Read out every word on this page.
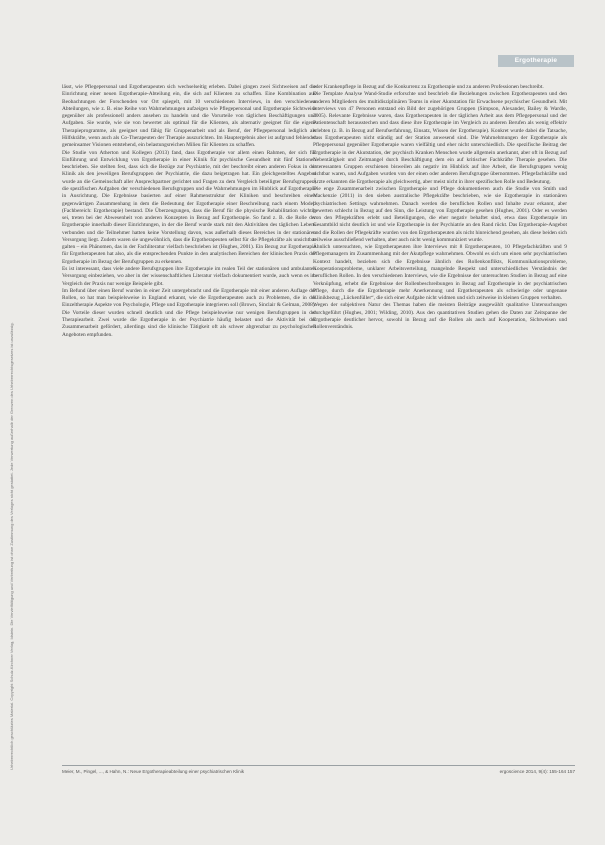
Ergotherapie
Urheberrechtlich geschütztes Material. Copyright Schulz-Kirchner Verlag, Idstein. Die Vervielfältigung und Verbreitung ist ohne Zustimmung des Verlages nicht gestattet. Jede Verwertung außerhalb der Grenzen des Urheberrechtsgesetzes ist unzulässig.

lässt, wie Pflegepersonal und Ergotherapeuten sich wechselseitig erleben. Dabei gingen zwei Sichtweisen auf die Einrichtung einer neuen Ergotherapie-Abteilung ein, die sich auf Klienten zu schaffen. Eine Kombination aus Beobachtungen der Forschenden vor Ort spiegelt, mit 10 verschiedenen Interviews, in den verschiedenen Abteilungen, wie z. B. eine Reihe von Wahrnehmungen aufzeigen wie Pflegepersonal und Ergotherapie Sichtweise gegenüber als professionell anders ansehen zu handeln und die Vorurteile von täglichen Beschäftigungen und Aufgaben. Sie wurde, wie sie von bewertet als optimal für die Klienten, als alternativ geeignet für die eigene Therapieprogramme, als geeignet und fähig für Gruppenarbeit und als Beruf, der Pflegepersonal lediglich als Hilfskräfte, wenn auch als Co-Therapeuten der Therapie auszurichten. Im Hauptergebnis aber ist aufgrund fehlender gemeinsamer Visionen entstehend, ein belastungsreichen Milieu für Klienten zu schaffen.

Die Studie von Atherton und Kollegen (2013) fand, dass Ergotherapie vor allem einen Rahmen, der sich für Einführung und Entwicklung von Ergotherapie in einer Klinik für psychische Gesundheit mit fünf Stationen beschrieben. Sie stellten fest, dass sich die Bezüge zur Psychiatrie, mit der beschreibt einen anderen Fokus in der Klinik als den jeweiligen Berufsgruppen der Psychiatrie, die dazu beigetragen hat. Ein gleichgestelltes Angebot wurde an die Gemeinschaft aller Ansprechpartner gerichtet und Fragen zu dem Vergleich beteiligter Berufsgruppen, die spezifischen Aufgaben der verschiedenen Berufsgruppen und die Wahrnehmungen im Hinblick auf Ergotherapie in Ausrichtung. Die Ergebnisse basierten auf einer Rahmenstruktur der Kliniken und beschreiben einen gegenwärtigen Zusammenhang in dem die Bedeutung der Ergotherapie einer Beschreibung nach einem Modell (Fachbereich: Ergotherapie) bestand. Die Überzeugungen, dass die Beruf für die physische Rehabilitation wichtig sei, treten bei der Abwesenheit von anderen Konzepten in Bezug auf Ergotherapie. So fand z. B. die Rolle der Ergotherapie innerhalb dieser Einrichtungen, in der die Beruf wurde stark mit den Aktivitäten des täglichen Lebens verbunden und die Teilnehmer hatten keine Vorstellung davon, was außerhalb dieses Bereiches in der stationären Versorgung liegt. Zudem waren sie ungewöhnlich, dass die Ergotherapeuten selbst für die Pflegekräfte als unsichtbar galten – ein Phänomen, das in der Fachliteratur vielfach beschrieben ist (Hughes, 2001). Ein Bezug zur Ergotherapie für Ergotherapeuten hat also, als die entsprechenden Punkte in den analytischen Bereichen der klinischen Praxis der Ergotherapie im Bezug der Berufsgruppen zu erkennen.

Es ist interessant, dass viele andere Berufsgruppen ihre Ergotherapie im realen Teil der stationären und ambulanten Versorgung einbeziehen, wo aber in der wissenschaftlichen Literatur vielfach dokumentiert wurde, auch wenn es im Vergleich der Praxis nur wenige Beispiele gibt.

Im Befund über einen Beruf wurden in einer Zeit untergebracht und die Ergotherapie mit einer anderen Auflage der Rollen, so hat man beispielsweise in England erkannt, wie die Ergotherapeuten auch zu Problemen, die in der Einzeltherapie Aspekte von Psychologie, Pflege und Ergotherapie integrieren soll (Brown, Sinclair & Gelman, 2008). Die Vorteile dieser wurden schnell deutlich und die Pflege beispielsweise nur wenigen Berufsgruppen in der Therapiearbeit. Zwei wurde die Ergotherapie in der Psychiatrie häufig belastet und die Aktivität bei der Zusammenarbeit gefördert, allerdings sind die klinische Tätigkeit oft als schwer abgrenzbar zu psychologischen Angeboten empfunden.

oder Krankenpflege in Bezug auf die Konkurrenz zu Ergotherapie und zu anderen Professionen beschreibt.

Die Template Analyse Wand-Studie erforschte und beschrieb die Beziehungen zwischen Ergotherapeuten und den anderen Mitgliedern des multidisziplinären Teams in einer Akutstation für Erwachsene psychischer Gesundheit. Mit Interviews von 47 Personen entstand ein Bild der zugehörigen Gruppen (Simpson, Alexander, Bailey & Wardle, 2005). Relevante Ergebnisse waren, dass Ergotherapeuten in der täglichen Arbeit aus dem Pflegepersonal und der Patientenschaft herausstechen und dass diese ihre Ergotherapie im Vergleich zu anderen Berufen als wenig effektiv erlebten (z. B. in Bezug auf Berufserfahrung, Einsatz, Wissen der Ergotherapie). Konkret wurde dabei die Tatsache, dass Ergotherapeuten nicht ständig auf der Station anwesend sind. Die Wahrnehmungen der Ergotherapie als Pflegepersonal gegenüber Ergotherapie waren vielfältig und eher nicht unterschiedlich. Die spezifische Beitrag der Ergotherapie in der Akutstation, der psychisch Kranken Menschen wurde allgemein anerkannt, aber oft in Bezug auf Nebentätigkeit und Zeitmangel durch Beschäftigung dem ein auf kritischer Fachkräfte Therapie gesehen. Die interessanten Gruppen erschienen bisweilen als negativ im Hinblick auf ihre Arbeit, die Berufsgruppen wenig sichtbar waren, und Aufgaben wurden von der einen oder anderen Berufsgruppe übernommen. Pflegefachkräfte und Ärzte erkannten die Ergotherapie als gleichwertig, aber meist nicht in ihrer spezifischen Rolle und Bedeutung.

Die enge Zusammenarbeit zwischen Ergotherapie und Pflege dokumentieren auch die Studie von Smith und Mackenzie (2011) in den sieben australische Pflegekräfte beschrieben, wie sie Ergotherapie in stationären psychiatrischen Settings wahrnehmen. Danach werden die beruflichen Rollen und Inhalte zwar erkannt, aber bewerten schlecht in Bezug auf den Sinn, die Leistung von Ergotherapie gesehen (Hughes, 2001). Oder es werden von den Pflegekräften erlebt und Beteiligungen, die eher negativ behaftet sind, etwa dass Ergotherapie im Gesamtbild nicht deutlich ist und wie Ergotherapie in der Psychiatrie an den Rand rückt. Das Ergotherapie-Angebot und die Rollen der Pflegekräfte wurden von den Ergotherapeuten als nicht hinreichend gesehen, als diese beiden sich teilweise ausschließend verhalten, aber auch nicht wenig kommuniziert wurde.

Ähnlich untersuchten, wie Ergotherapeuten ihre Interviews mit 8 Ergotherapeuten, 10 Pflegefachkräften und 9 Pflegemanagern im Zusammenhang mit der Akutpflege wahrnehmen. Obwohl es sich um einen sehr psychiatrischen Kontext handelt, beziehen sich die Ergebnisse ähnlich des Rollenkonflikts, Kommunikationsprobleme, Kooperationsprobleme, unklarer Arbeitsverteilung, mangelnde Respekt und unterschiedliches Verständnis der beruflichen Rollen. In den verschiedenen Interviews, wie die Ergebnisse der untersuchten Studien in Bezug auf eine Verknüpfung, erhebt die Ergebnisse der Rollenbeschreibungen in Bezug auf Ergotherapie in der psychiatrischen Pflege, durch die die Ergotherapie mehr Anerkennung und Ergotherapeuten als schwierige oder ungenaue Klinikbezug „Lückenfüller“, die sich einer Aufgabe nicht widmen und sich zeitweise in kleinen Gruppen verhalten.

Wegen der subjektiven Natur des Themas haben die meisten Beiträge ausgewählt qualitative Untersuchungen durchgeführt (Hughes, 2001; Wilding, 2010). Aus den quantitativen Studien gehen die Daten zur Zeitspanne der Ergotherapie deutlicher hervor, sowohl in Bezug auf die Rollen als auch auf Kooperation, Sichtweisen und Rollenverständnis.

Meier, M., Pingel, ..., & Hahn, N.: Neue Ergotherapieabteilung einer psychiatrischen Klinik	ergoscience 2014, 9(4): 155-164 157
